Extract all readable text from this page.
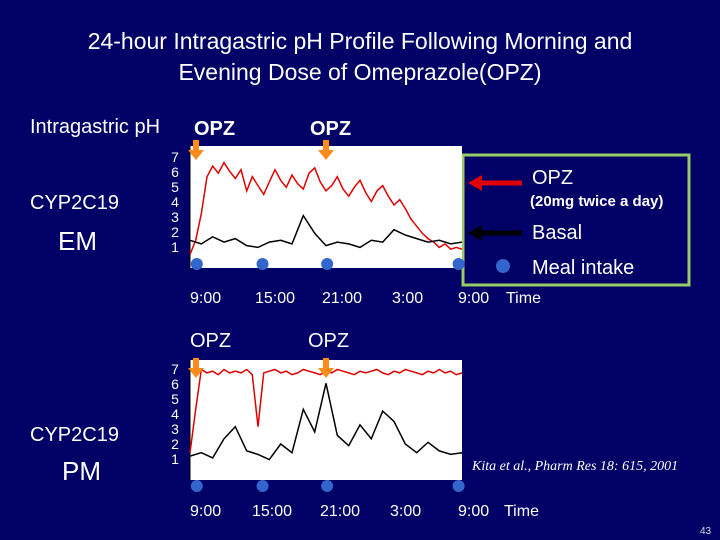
24-hour Intragastric pH Profile Following Morning and
Evening Dose of Omeprazole(OPZ)
Intragastric pH OPZ	OPZ
CYP2C19
EM
7
6
5
4
3
2
1
9:00 15:00 21:00 3:00 9:00 Time
OPZ	OPZ
CYP2C19
PM
7
6
5
4
3
2
1
9:00 15:00 21:00 3:00 9:00 Time
OPZ
(20mg twice a day)
Basal
Meal intake
Kita et al., Pharm Res 18: 615, 2001
43
